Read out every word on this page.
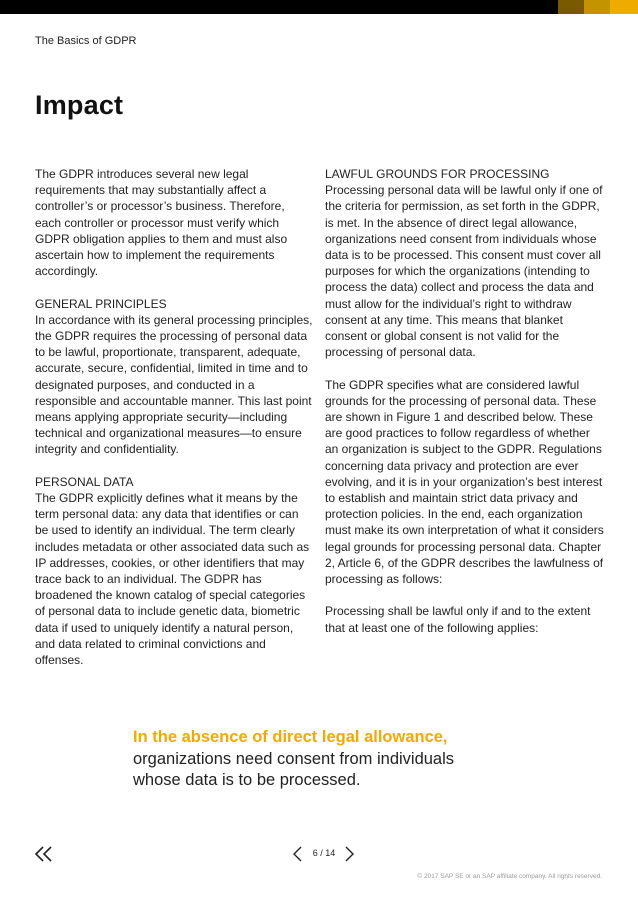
The Basics of GDPR
Impact

The GDPR introduces several new legal requirements that may substantially affect a controller’s or processor’s business. Therefore, each controller or processor must verify which GDPR obligation applies to them and must also ascertain how to implement the requirements accordingly.

GENERAL PRINCIPLES

In accordance with its general processing principles, the GDPR requires the processing of personal data to be lawful, proportionate, transparent, adequate, accurate, secure, confidential, limited in time and to designated purposes, and conducted in a responsible and accountable manner. This last point means applying appropriate security—including technical and organizational measures—to ensure integrity and confidentiality.

PERSONAL DATA

The GDPR explicitly defines what it means by the term personal data: any data that identifies or can be used to identify an individual. The term clearly includes metadata or other associated data such as IP addresses, cookies, or other identifiers that may trace back to an individual. The GDPR has broadened the known catalog of special categories of personal data to include genetic data, biometric data if used to uniquely identify a natural person, and data related to criminal convictions and offenses.

LAWFUL GROUNDS FOR PROCESSING

Processing personal data will be lawful only if one of the criteria for permission, as set forth in the GDPR, is met. In the absence of direct legal allowance, organizations need consent from individuals whose data is to be processed. This consent must cover all purposes for which the organizations (intending to process the data) collect and process the data and must allow for the individual’s right to withdraw consent at any time. This means that blanket consent or global consent is not valid for the processing of personal data.

The GDPR specifies what are considered lawful grounds for the processing of personal data. These are shown in Figure 1 and described below. These are good practices to follow regardless of whether an organization is subject to the GDPR. Regulations concerning data privacy and protection are ever evolving, and it is in your organization’s best interest to establish and maintain strict data privacy and protection policies. In the end, each organization must make its own interpretation of what it considers legal grounds for processing personal data. Chapter 2, Article 6, of the GDPR describes the lawfulness of processing as follows:

Processing shall be lawful only if and to the extent that at least one of the following applies:

In the absence of direct legal allowance,
organizations need consent from individuals whose data is to be processed.
6 / 14
© 2017 SAP SE or an SAP affiliate company. All rights reserved.
